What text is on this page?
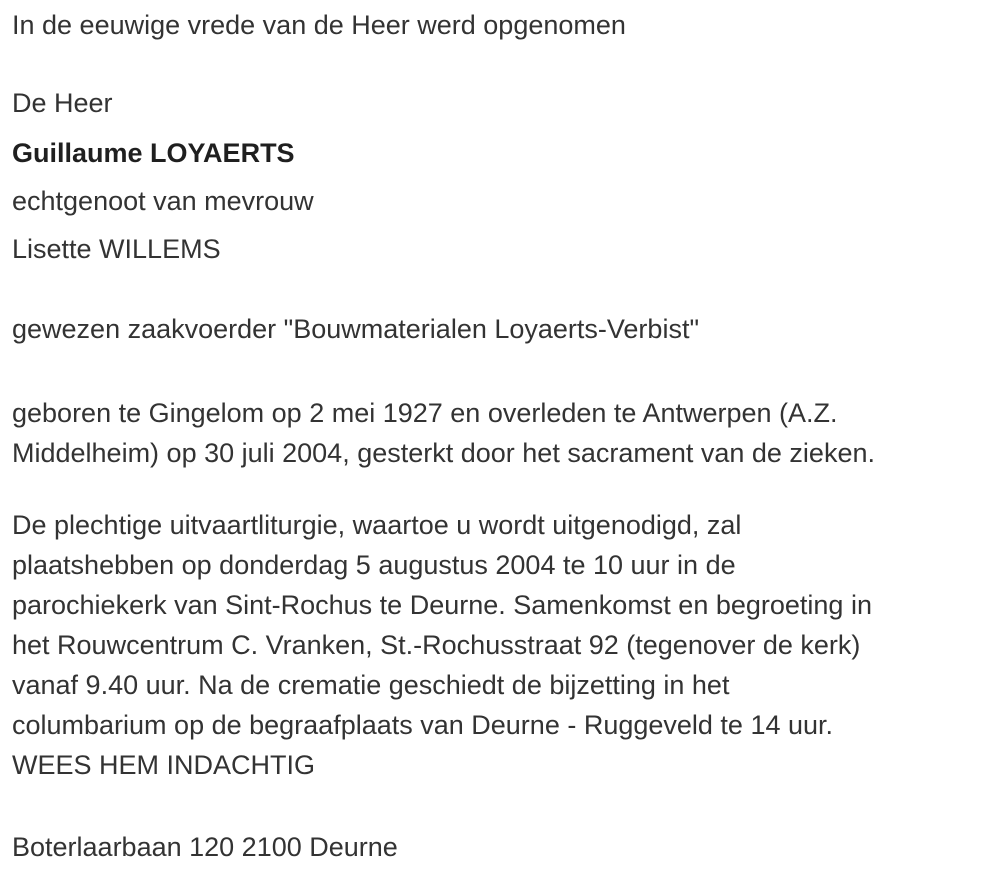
In de eeuwige vrede van de Heer werd opgenomen

De Heer

Guillaume LOYAERTS

echtgenoot van mevrouw

Lisette WILLEMS

gewezen zaakvoerder "Bouwmaterialen Loyaerts-Verbist"

geboren te Gingelom op 2 mei 1927 en overleden te Antwerpen (A.Z.

Middelheim) op 30 juli 2004, gesterkt door het sacrament van de zieken.

De plechtige uitvaartliturgie, waartoe u wordt uitgenodigd, zal

plaatshebben op donderdag 5 augustus 2004 te 10 uur in de

parochiekerk van Sint-Rochus te Deurne. Samenkomst en begroeting in

het Rouwcentrum C. Vranken, St.-Rochusstraat 92 (tegenover de kerk)

vanaf 9.40 uur. Na de crematie geschiedt de bijzetting in het

columbarium op de begraafplaats van Deurne - Ruggeveld te 14 uur.

WEES HEM INDACHTIG

Boterlaarbaan 120 2100 Deurne
